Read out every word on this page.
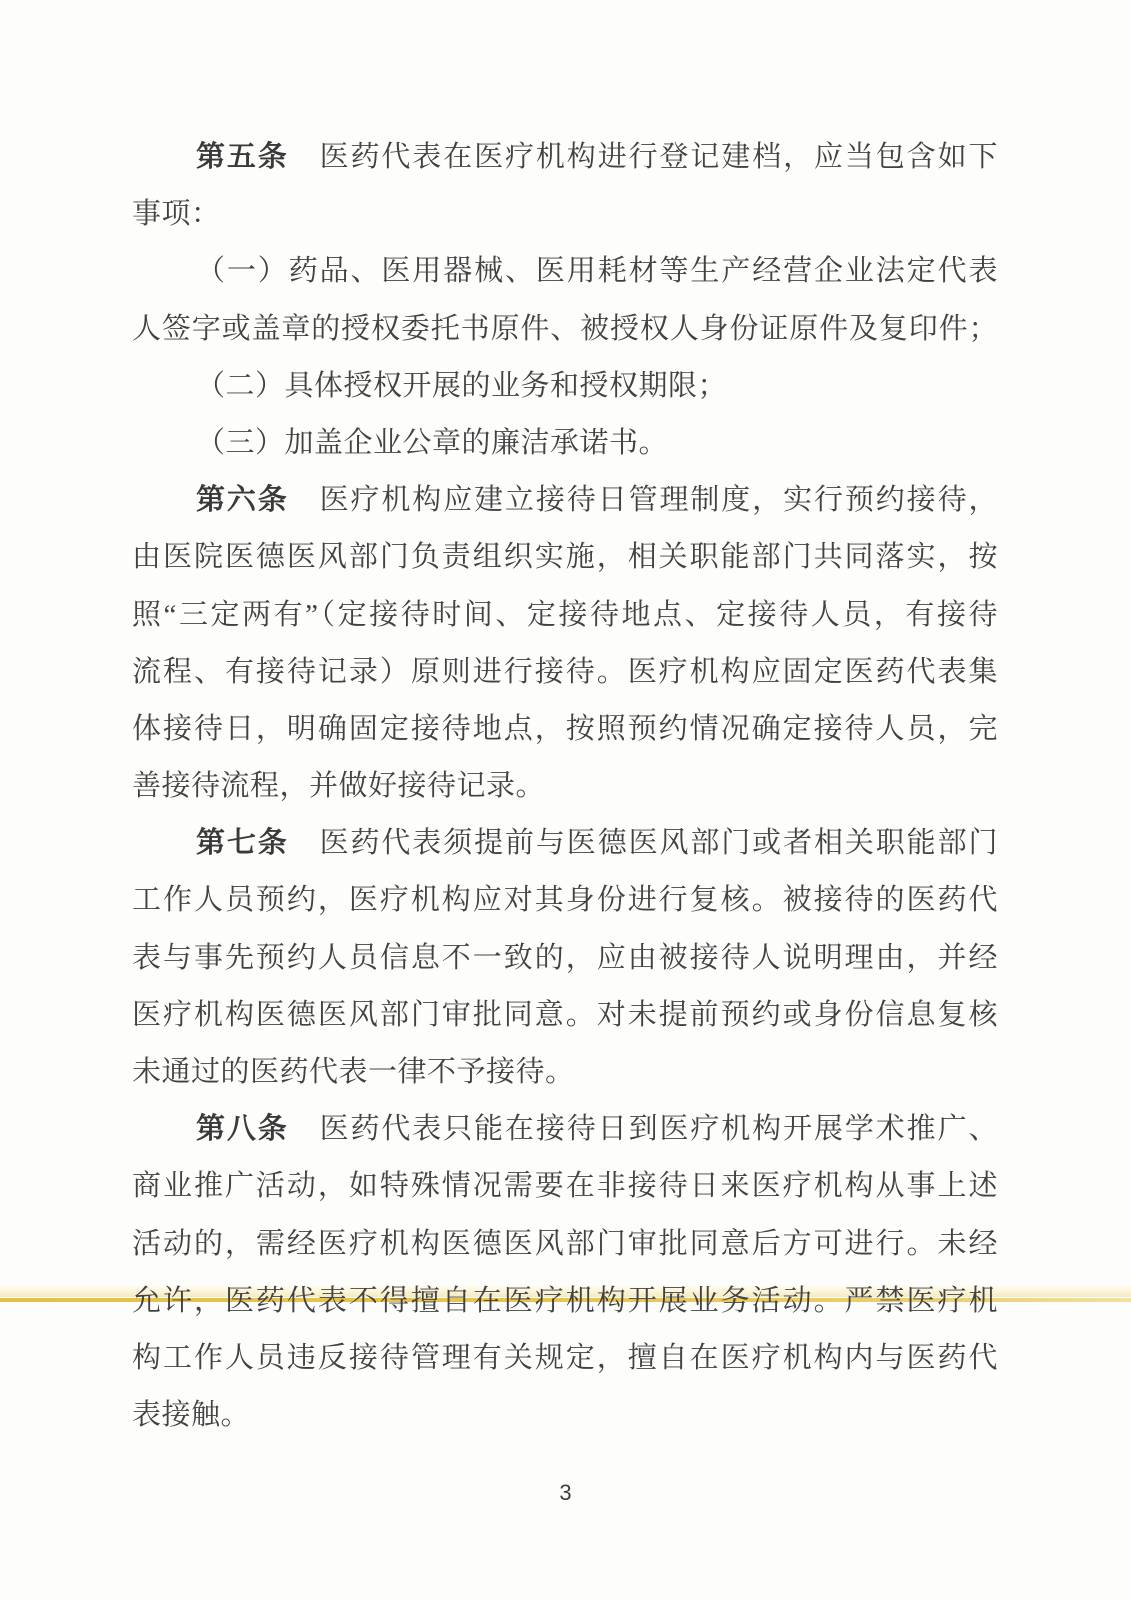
第五条　医药代表在医疗机构进行登记建档，应当包含如下
事项：
（一）药品、医用器械、医用耗材等生产经营企业法定代表
人签字或盖章的授权委托书原件、被授权人身份证原件及复印件；
（二）具体授权开展的业务和授权期限；
（三）加盖企业公章的廉洁承诺书。
第六条　医疗机构应建立接待日管理制度，实行预约接待，
由医院医德医风部门负责组织实施，相关职能部门共同落实，按
照“三定两有”（定接待时间、定接待地点、定接待人员，有接待
流程、有接待记录）原则进行接待。医疗机构应固定医药代表集
体接待日，明确固定接待地点，按照预约情况确定接待人员，完
善接待流程，并做好接待记录。
第七条　医药代表须提前与医德医风部门或者相关职能部门
工作人员预约，医疗机构应对其身份进行复核。被接待的医药代
表与事先预约人员信息不一致的，应由被接待人说明理由，并经
医疗机构医德医风部门审批同意。对未提前预约或身份信息复核
未通过的医药代表一律不予接待。
第八条　医药代表只能在接待日到医疗机构开展学术推广、
商业推广活动，如特殊情况需要在非接待日来医疗机构从事上述
活动的，需经医疗机构医德医风部门审批同意后方可进行。未经
允许，医药代表不得擅自在医疗机构开展业务活动。严禁医疗机
构工作人员违反接待管理有关规定，擅自在医疗机构内与医药代
表接触。
3
